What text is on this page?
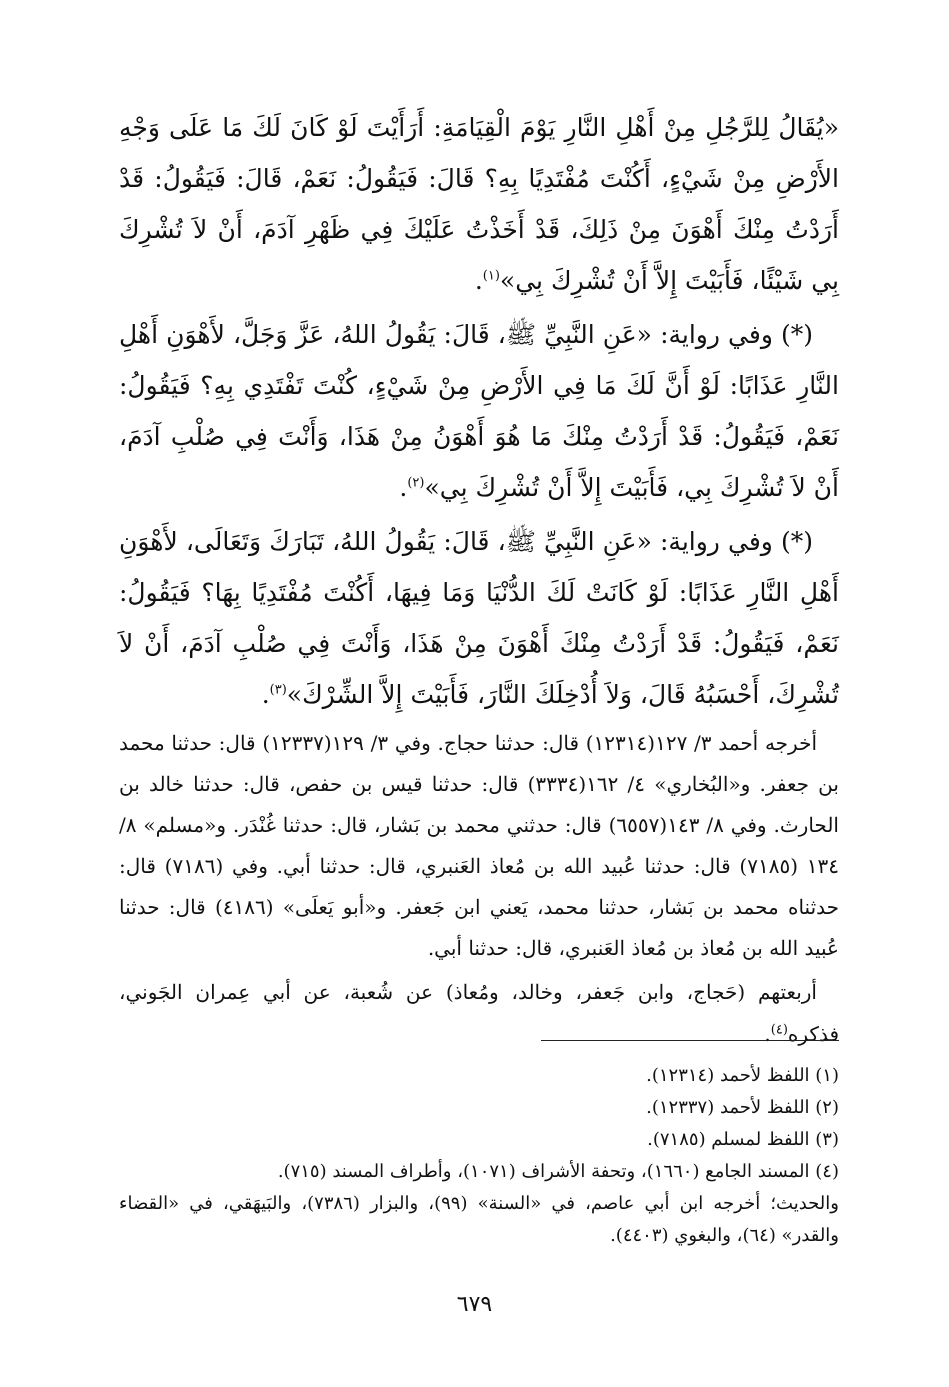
«يُقَالُ لِلرَّجُلِ مِنْ أَهْلِ النَّارِ يَوْمَ الْقِيَامَةِ: أَرَأَيْتَ لَوْ كَانَ لَكَ مَا عَلَى وَجْهِ الأَرْضِ مِنْ شَيْءٍ، أَكُنْتَ مُفْتَدِيًا بِهِ؟ قَالَ: فَيَقُولُ: نَعَمْ، قَالَ: فَيَقُولُ: قَدْ أَرَدْتُ مِنْكَ أَهْوَنَ مِنْ ذَلِكَ، قَدْ أَخَذْتُ عَلَيْكَ فِي ظَهْرِ آدَمَ، أَنْ لاَ تُشْرِكَ بِي شَيْئًا، فَأَبَيْتَ إِلاَّ أَنْ تُشْرِكَ بِي»$^{(١)}$.

(*) وفي رواية: «عَنِ النَّبِيِّ ﷺ، قَالَ: يَقُولُ اللهُ، عَزَّ وَجَلَّ، لأَهْوَنِ أَهْلِ النَّارِ عَذَابًا: لَوْ أَنَّ لَكَ مَا فِي الأَرْضِ مِنْ شَيْءٍ، كُنْتَ تَفْتَدِي بِهِ؟ فَيَقُولُ: نَعَمْ، فَيَقُولُ: قَدْ أَرَدْتُ مِنْكَ مَا هُوَ أَهْوَنُ مِنْ هَذَا، وَأَنْتَ فِي صُلْبِ آدَمَ، أَنْ لاَ تُشْرِكَ بِي، فَأَبَيْتَ إِلاَّ أَنْ تُشْرِكَ بِي»$^{(٢)}$.

(*) وفي رواية: «عَنِ النَّبِيِّ ﷺ، قَالَ: يَقُولُ اللهُ، تَبَارَكَ وَتَعَالَى، لأَهْوَنِ أَهْلِ النَّارِ عَذَابًا: لَوْ كَانَتْ لَكَ الدُّنْيَا وَمَا فِيهَا، أَكُنْتَ مُفْتَدِيًا بِهَا؟ فَيَقُولُ: نَعَمْ، فَيَقُولُ: قَدْ أَرَدْتُ مِنْكَ أَهْوَنَ مِنْ هَذَا، وَأَنْتَ فِي صُلْبِ آدَمَ، أَنْ لاَ تُشْرِكَ، أَحْسَبُهُ قَالَ، وَلاَ أُدْخِلَكَ النَّارَ، فَأَبَيْتَ إِلاَّ الشِّرْكَ»$^{(٣)}$.

أخرجه أحمد ٣/ ١٢٧(١٢٣١٤) قال: حدثنا حجاج. وفي ٣/ ١٢٩(١٢٣٣٧) قال: حدثنا محمد بن جعفر. و«البُخاري» ٤/ ١٦٢(٣٣٣٤) قال: حدثنا قيس بن حفص، قال: حدثنا خالد بن الحارث. وفي ٨/ ١٤٣(٦٥٥٧) قال: حدثني محمد بن بَشار، قال: حدثنا غُنْدَر. و«مسلم» ٨/ ١٣٤ (٧١٨٥) قال: حدثنا عُبيد الله بن مُعاذ العَنبري، قال: حدثنا أبي. وفي (٧١٨٦) قال: حدثناه محمد بن بَشار، حدثنا محمد، يَعني ابن جَعفر. و«أبو يَعلَى» (٤١٨٦) قال: حدثنا عُبيد الله بن مُعاذ بن مُعاذ العَنبري، قال: حدثنا أبي.

أربعتهم (حَجاج، وابن جَعفر، وخالد، ومُعاذ) عن شُعبة، عن أبي عِمران الجَوني، فذكره$^{(٤)}$.

(١) اللفظ لأحمد (١٢٣١٤).

(٢) اللفظ لأحمد (١٢٣٣٧).

(٣) اللفظ لمسلم (٧١٨٥).

(٤) المسند الجامع (١٦٦٠)، وتحفة الأشراف (١٠٧١)، وأطراف المسند (٧١٥).

والحديث؛ أخرجه ابن أبي عاصم، في «السنة» (٩٩)، والبزار (٧٣٨٦)، والبَيهَقي، في «القضاء والقدر» (٦٤)، والبغوي (٤٤٠٣).

٦٧٩
